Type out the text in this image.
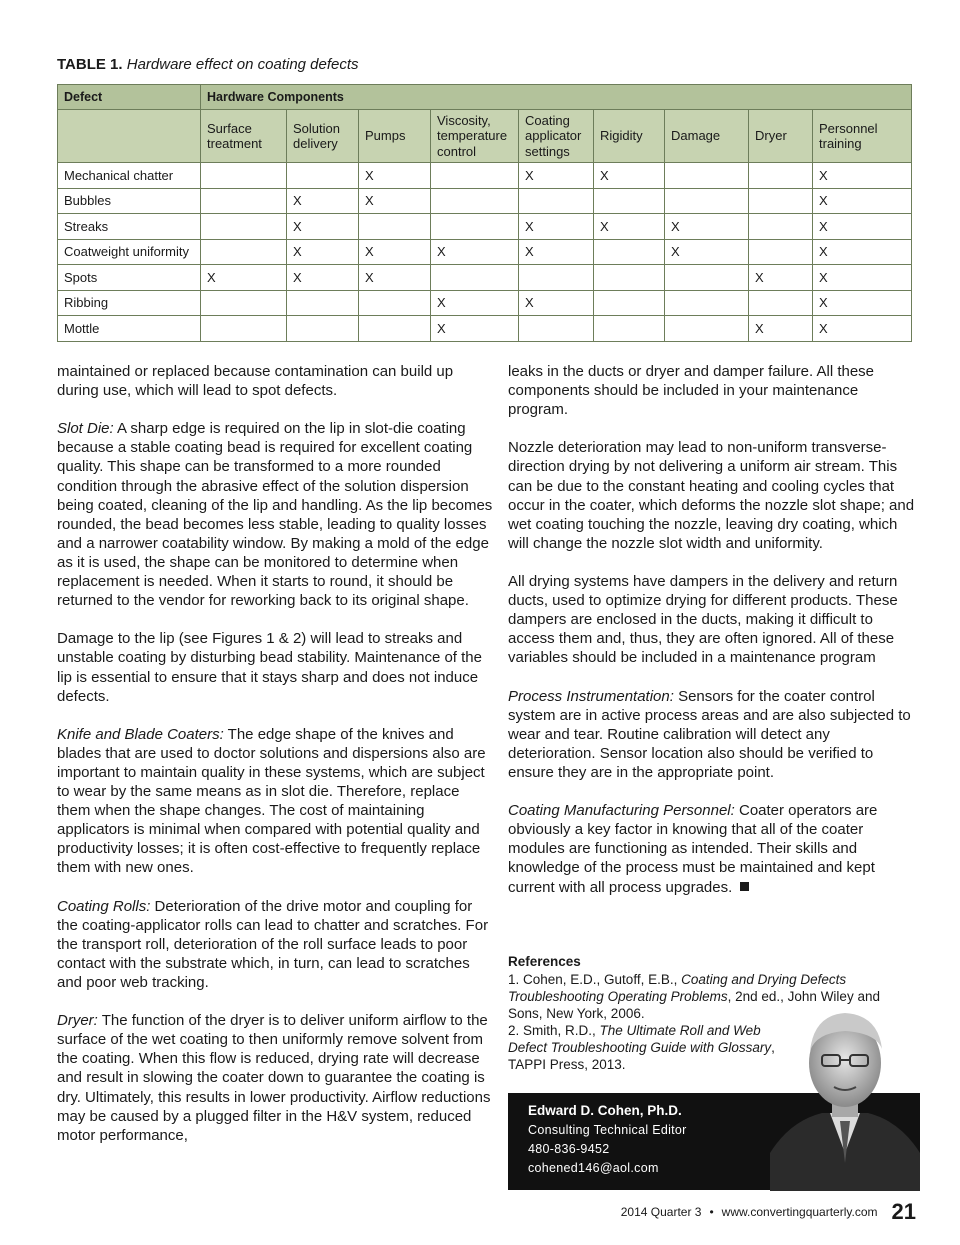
TABLE 1. Hardware effect on coating defects
Defect	Hardware Components								
	Surface treatment	Solution delivery	Pumps	Viscosity, temperature control	Coating applicator settings	Rigidity	Damage	Dryer	Personnel training
Mechanical chatter			X		X	X			X
Bubbles		X	X						X
Streaks		X			X	X	X		X
Coatweight uniformity		X	X	X	X		X		X
Spots	X	X	X					X	X
Ribbing				X	X				X
Mottle				X				X	X

maintained or replaced because contamination can build up during use, which will lead to spot defects.

Slot Die: A sharp edge is required on the lip in slot-die coating because a stable coating bead is required for excellent coating quality. This shape can be transformed to a more rounded condition through the abrasive effect of the solution dispersion being coated, cleaning of the lip and handling. As the lip becomes rounded, the bead becomes less stable, leading to quality losses and a narrower coatability window. By making a mold of the edge as it is used, the shape can be monitored to determine when replacement is needed. When it starts to round, it should be returned to the vendor for reworking back to its original shape.

Damage to the lip (see Figures 1 & 2) will lead to streaks and unstable coating by disturbing bead stability. Maintenance of the lip is essential to ensure that it stays sharp and does not induce defects.

Knife and Blade Coaters: The edge shape of the knives and blades that are used to doctor solutions and dispersions also are important to maintain quality in these systems, which are subject to wear by the same means as in slot die. Therefore, replace them when the shape changes. The cost of maintaining applicators is minimal when compared with potential quality and productivity losses; it is often cost-effective to frequently replace them with new ones.

Coating Rolls: Deterioration of the drive motor and coupling for the coating-applicator rolls can lead to chatter and scratches. For the transport roll, deterioration of the roll surface leads to poor contact with the substrate which, in turn, can lead to scratches and poor web tracking.

Dryer: The function of the dryer is to deliver uniform airflow to the surface of the wet coating to then uniformly remove solvent from the coating. When this flow is reduced, drying rate will decrease and result in slowing the coater down to guarantee the coating is dry. Ultimately, this results in lower productivity. Airflow reductions may be caused by a plugged filter in the H&V system, reduced motor performance,

leaks in the ducts or dryer and damper failure. All these components should be included in your maintenance program.

Nozzle deterioration may lead to non-uniform transverse-direction drying by not delivering a uniform air stream. This can be due to the constant heating and cooling cycles that occur in the coater, which deforms the nozzle slot shape; and wet coating touching the nozzle, leaving dry coating, which will change the nozzle slot width and uniformity.

All drying systems have dampers in the delivery and return ducts, used to optimize drying for different products. These dampers are enclosed in the ducts, making it difficult to access them and, thus, they are often ignored. All of these variables should be included in a maintenance program

Process Instrumentation: Sensors for the coater control system are in active process areas and are also subjected to wear and tear. Routine calibration will detect any deterioration. Sensor location also should be verified to ensure they are in the appropriate point.

Coating Manufacturing Personnel: Coater operators are obviously a key factor in knowing that all of the coater modules are functioning as intended. Their skills and knowledge of the process must be maintained and kept current with all process upgrades.

References
1. Cohen, E.D., Gutoff, E.B., Coating and Drying Defects Troubleshooting Operating Problems, 2nd ed., John Wiley and Sons, New York, 2006.
2. Smith, R.D., The Ultimate Roll and Web Defect Troubleshooting Guide with Glossary, TAPPI Press, 2013.
Edward D. Cohen, Ph.D.
Consulting Technical Editor
480-836-9452
cohened146@aol.com
2014 Quarter 3 • www.convertingquarterly.com 21
